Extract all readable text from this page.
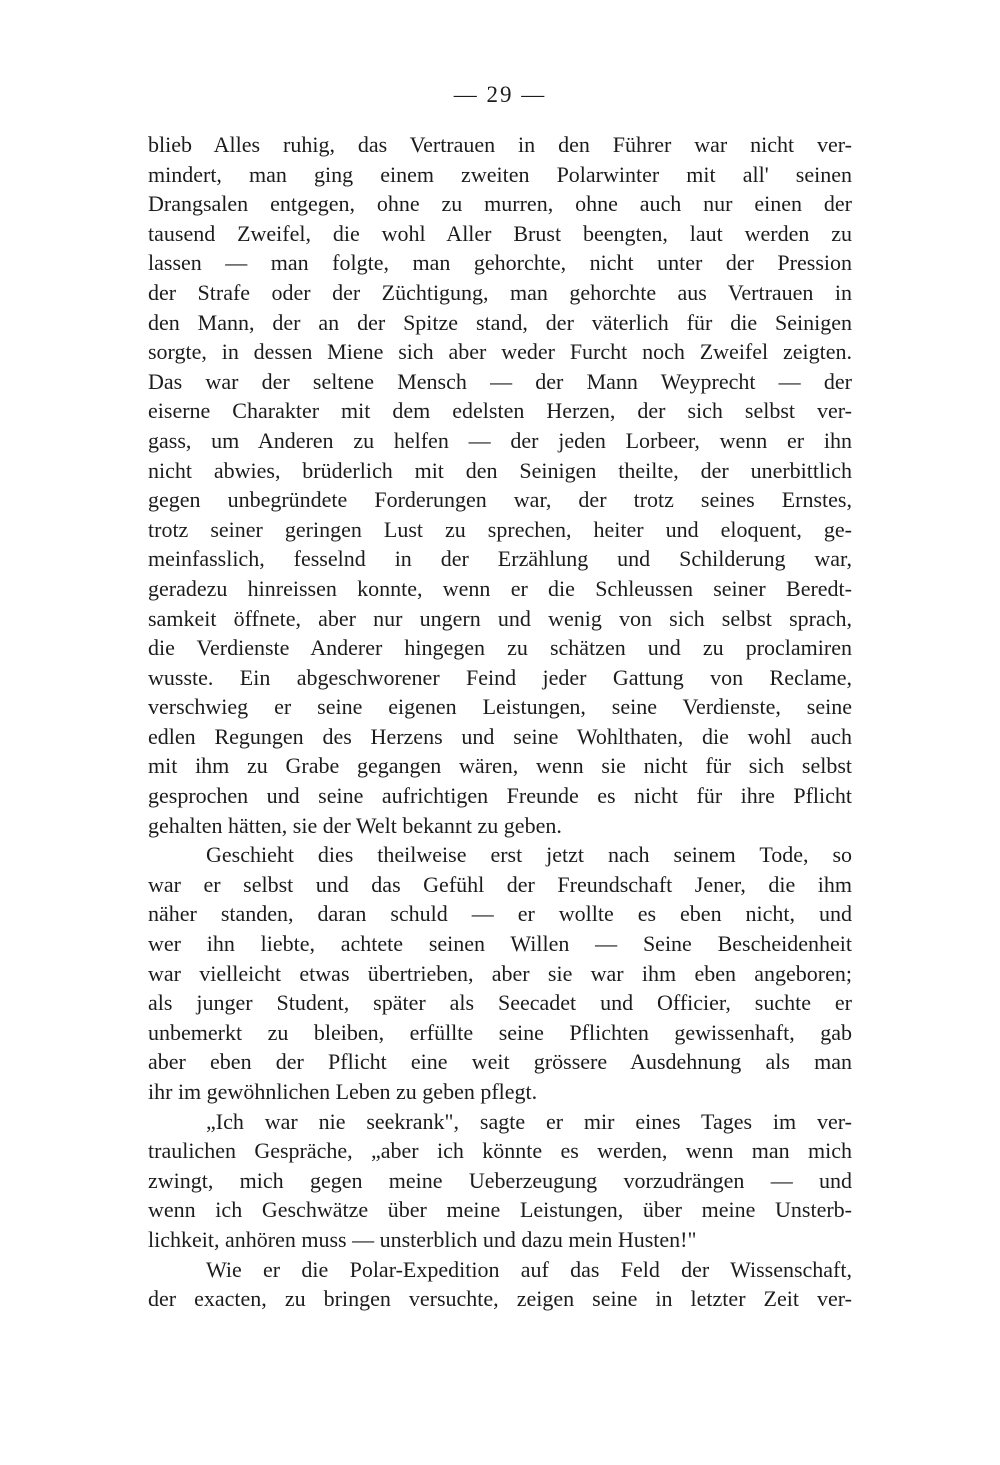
— 29 —
blieb Alles ruhig, das Vertrauen in den Führer war nicht ver-
mindert, man ging einem zweiten Polarwinter mit all' seinen
Drangsalen entgegen, ohne zu murren, ohne auch nur einen der
tausend Zweifel, die wohl Aller Brust beengten, laut werden zu
lassen — man folgte, man gehorchte, nicht unter der Pression
der Strafe oder der Züchtigung, man gehorchte aus Vertrauen in
den Mann, der an der Spitze stand, der väterlich für die Seinigen
sorgte, in dessen Miene sich aber weder Furcht noch Zweifel zeigten.
Das war der seltene Mensch — der Mann Weyprecht — der
eiserne Charakter mit dem edelsten Herzen, der sich selbst ver-
gass, um Anderen zu helfen — der jeden Lorbeer, wenn er ihn
nicht abwies, brüderlich mit den Seinigen theilte, der unerbittlich
gegen unbegründete Forderungen war, der trotz seines Ernstes,
trotz seiner geringen Lust zu sprechen, heiter und eloquent, ge-
meinfasslich, fesselnd in der Erzählung und Schilderung war,
geradezu hinreissen konnte, wenn er die Schleussen seiner Beredt-
samkeit öffnete, aber nur ungern und wenig von sich selbst sprach,
die Verdienste Anderer hingegen zu schätzen und zu proclamiren
wusste. Ein abgeschworener Feind jeder Gattung von Reclame,
verschwieg er seine eigenen Leistungen, seine Verdienste, seine
edlen Regungen des Herzens und seine Wohlthaten, die wohl auch
mit ihm zu Grabe gegangen wären, wenn sie nicht für sich selbst
gesprochen und seine aufrichtigen Freunde es nicht für ihre Pflicht
gehalten hätten, sie der Welt bekannt zu geben.
Geschieht dies theilweise erst jetzt nach seinem Tode, so
war er selbst und das Gefühl der Freundschaft Jener, die ihm
näher standen, daran schuld — er wollte es eben nicht, und
wer ihn liebte, achtete seinen Willen — Seine Bescheidenheit
war vielleicht etwas übertrieben, aber sie war ihm eben angeboren;
als junger Student, später als Seecadet und Officier, suchte er
unbemerkt zu bleiben, erfüllte seine Pflichten gewissenhaft, gab
aber eben der Pflicht eine weit grössere Ausdehnung als man
ihr im gewöhnlichen Leben zu geben pflegt.
„Ich war nie seekrank", sagte er mir eines Tages im ver-
traulichen Gespräche, „aber ich könnte es werden, wenn man mich
zwingt, mich gegen meine Ueberzeugung vorzudrängen — und
wenn ich Geschwätze über meine Leistungen, über meine Unsterb-
lichkeit, anhören muss — unsterblich und dazu mein Husten!"
Wie er die Polar-Expedition auf das Feld der Wissenschaft,
der exacten, zu bringen versuchte, zeigen seine in letzter Zeit ver-
